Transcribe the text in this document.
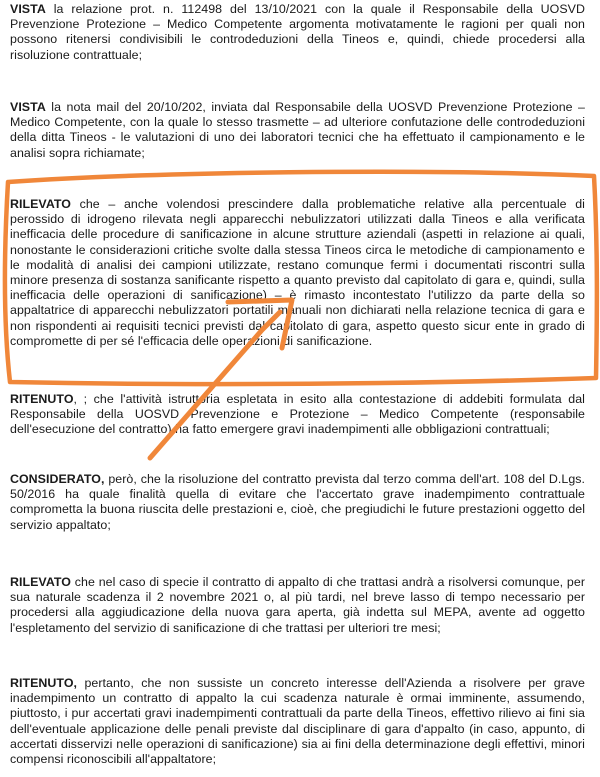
VISTA la relazione prot. n. 112498 del 13/10/2021 con la quale il Responsabile della UOSVD Prevenzione Protezione – Medico Competente argomenta motivatamente le ragioni per quali non possono ritenersi condivisibili le controdeduzioni della Tineos e, quindi, chiede procedersi alla risoluzione contrattuale;

VISTA la nota mail del 20/10/202, inviata dal Responsabile della UOSVD Prevenzione Protezione – Medico Competente, con la quale lo stesso trasmette – ad ulteriore confutazione delle controdeduzioni della ditta Tineos - le valutazioni di uno dei laboratori tecnici che ha effettuato il campionamento e le analisi sopra richiamate;

RILEVATO che – anche volendosi prescindere dalla problematiche relative alla percentuale di perossido di idrogeno rilevata negli apparecchi nebulizzatori utilizzati dalla Tineos e alla verificata inefficacia delle procedure di sanificazione in alcune strutture aziendali (aspetti in relazione ai quali, nonostante le considerazioni critiche svolte dalla stessa Tineos circa le metodiche di campionamento e le modalità di analisi dei campioni utilizzate, restano comunque fermi i documentati riscontri sulla minore presenza di sostanza sanificante rispetto a quanto previsto dal capitolato di gara e, quindi, sulla inefficacia delle operazioni di sanificazione) – è rimasto incontestato l'utilizzo da parte della so appaltatrice di apparecchi nebulizzatori portatili manuali non dichiarati nella relazione tecnica di gara e non rispondenti ai requisiti tecnici previsti dal capitolato di gara, aspetto questo sicur ente in grado di compromette di per sé l'efficacia delle operazioni di sanificazione.

RITENUTO, ; che l'attività istruttoria espletata in esito alla contestazione di addebiti formulata dal Responsabile della UOSVD Prevenzione e Protezione – Medico Competente (responsabile dell'esecuzione del contratto) ha fatto emergere gravi inadempimenti alle obbligazioni contrattuali;

CONSIDERATO, però, che la risoluzione del contratto prevista dal terzo comma dell'art. 108 del D.Lgs. 50/2016 ha quale finalità quella di evitare che l'accertato grave inadempimento contrattuale comprometta la buona riuscita delle prestazioni e, cioè, che pregiudichi le future prestazioni oggetto del servizio appaltato;

RILEVATO che nel caso di specie il contratto di appalto di che trattasi andrà a risolversi comunque, per sua naturale scadenza il 2 novembre 2021 o, al più tardi, nel breve lasso di tempo necessario per procedersi alla aggiudicazione della nuova gara aperta, già indetta sul MEPA, avente ad oggetto l'espletamento del servizio di sanificazione di che trattasi per ulteriori tre mesi;

RITENUTO, pertanto, che non sussiste un concreto interesse dell'Azienda a risolvere per grave inadempimento un contratto di appalto la cui scadenza naturale è ormai imminente, assumendo, piuttosto, i pur accertati gravi inadempimenti contrattuali da parte della Tineos, effettivo rilievo ai fini sia dell'eventuale applicazione delle penali previste dal disciplinare di gara d'appalto (in caso, appunto, di accertati disservizi nelle operazioni di sanificazione) sia ai fini della determinazione degli effettivi, minori compensi riconoscibili all'appaltatore;
